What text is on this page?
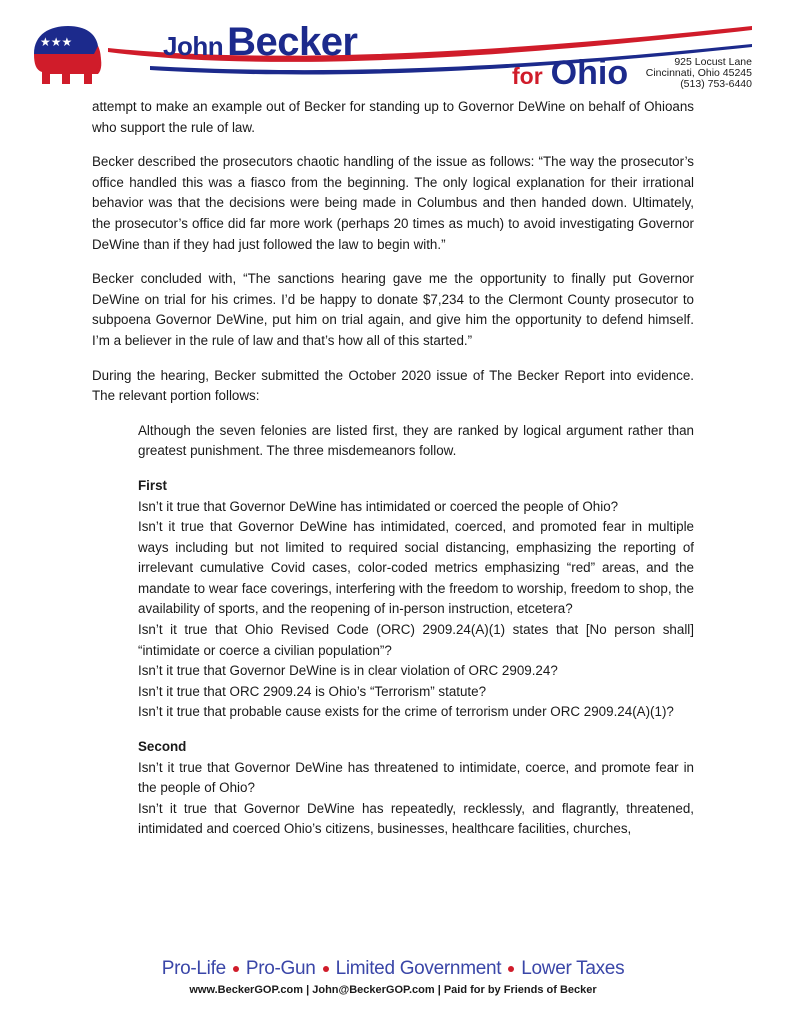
★★★	John Becker
for Ohio	925 Locust Lane
Cincinnati, Ohio 45245
(513) 753-6440

attempt to make an example out of Becker for standing up to Governor DeWine on behalf of Ohioans who support the rule of law.

Becker described the prosecutors chaotic handling of the issue as follows: “The way the prosecutor’s office handled this was a fiasco from the beginning. The only logical explanation for their irrational behavior was that the decisions were being made in Columbus and then handed down. Ultimately, the prosecutor’s office did far more work (perhaps 20 times as much) to avoid investigating Governor DeWine than if they had just followed the law to begin with.”

Becker concluded with, “The sanctions hearing gave me the opportunity to finally put Governor DeWine on trial for his crimes. I’d be happy to donate $7,234 to the Clermont County prosecutor to subpoena Governor DeWine, put him on trial again, and give him the opportunity to defend himself. I’m a believer in the rule of law and that’s how all of this started.”

During the hearing, Becker submitted the October 2020 issue of The Becker Report into evidence. The relevant portion follows:

Although the seven felonies are listed first, they are ranked by logical argument rather than greatest punishment. The three misdemeanors follow.

First

Isn’t it true that Governor DeWine has intimidated or coerced the people of Ohio?

Isn’t it true that Governor DeWine has intimidated, coerced, and promoted fear in multiple ways including but not limited to required social distancing, emphasizing the reporting of irrelevant cumulative Covid cases, color-coded metrics emphasizing “red” areas, and the mandate to wear face coverings, interfering with the freedom to worship, freedom to shop, the availability of sports, and the reopening of in-person instruction, etcetera?

Isn’t it true that Ohio Revised Code (ORC) 2909.24(A)(1) states that [No person shall] “intimidate or coerce a civilian population”?

Isn’t it true that Governor DeWine is in clear violation of ORC 2909.24?

Isn’t it true that ORC 2909.24 is Ohio’s “Terrorism” statute?

Isn’t it true that probable cause exists for the crime of terrorism under ORC 2909.24(A)(1)?

Second

Isn’t it true that Governor DeWine has threatened to intimidate, coerce, and promote fear in the people of Ohio?

Isn’t it true that Governor DeWine has repeatedly, recklessly, and flagrantly, threatened, intimidated and coerced Ohio’s citizens, businesses, healthcare facilities, churches,

Pro-Life Pro-Gun Limited Government Lower Taxes
www.BeckerGOP.com | John@BeckerGOP.com | Paid for by Friends of Becker
